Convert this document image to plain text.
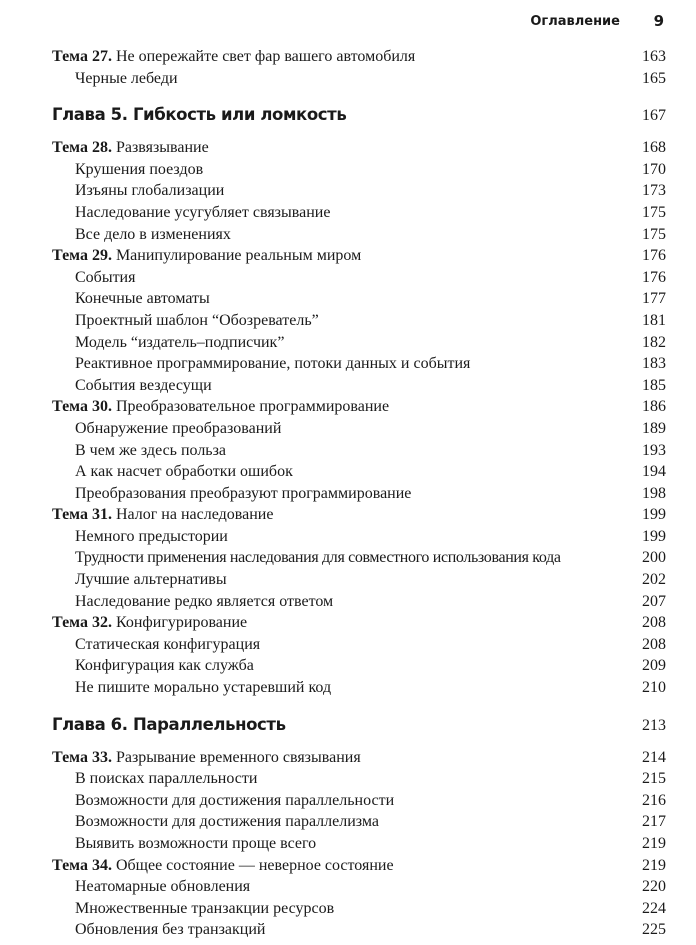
Оглавление 9
Тема 27. Не опережайте свет фар вашего автомобиля	163
Черные лебеди	165
Глава 5. Гибкость или ломкость	167
Тема 28. Развязывание	168
Крушения поездов	170
Изъяны глобализации	173
Наследование усугубляет связывание	175
Все дело в изменениях	175
Тема 29. Манипулирование реальным миром	176
События	176
Конечные автоматы	177
Проектный шаблон “Обозреватель”	181
Модель “издатель–подписчик”	182
Реактивное программирование, потоки данных и события	183
События вездесущи	185
Тема 30. Преобразовательное программирование	186
Обнаружение преобразований	189
В чем же здесь польза	193
А как насчет обработки ошибок	194
Преобразования преобразуют программирование	198
Тема 31. Налог на наследование	199
Немного предыстории	199
Трудности применения наследования для совместного использования кода	200
Лучшие альтернативы	202
Наследование редко является ответом	207
Тема 32. Конфигурирование	208
Статическая конфигурация	208
Конфигурация как служба	209
Не пишите морально устаревший код	210
Глава 6. Параллельность	213
Тема 33. Разрывание временного связывания	214
В поисках параллельности	215
Возможности для достижения параллельности	216
Возможности для достижения параллелизма	217
Выявить возможности проще всего	219
Тема 34. Общее состояние — неверное состояние	219
Неатомарные обновления	220
Множественные транзакции ресурсов	224
Обновления без транзакций	225
